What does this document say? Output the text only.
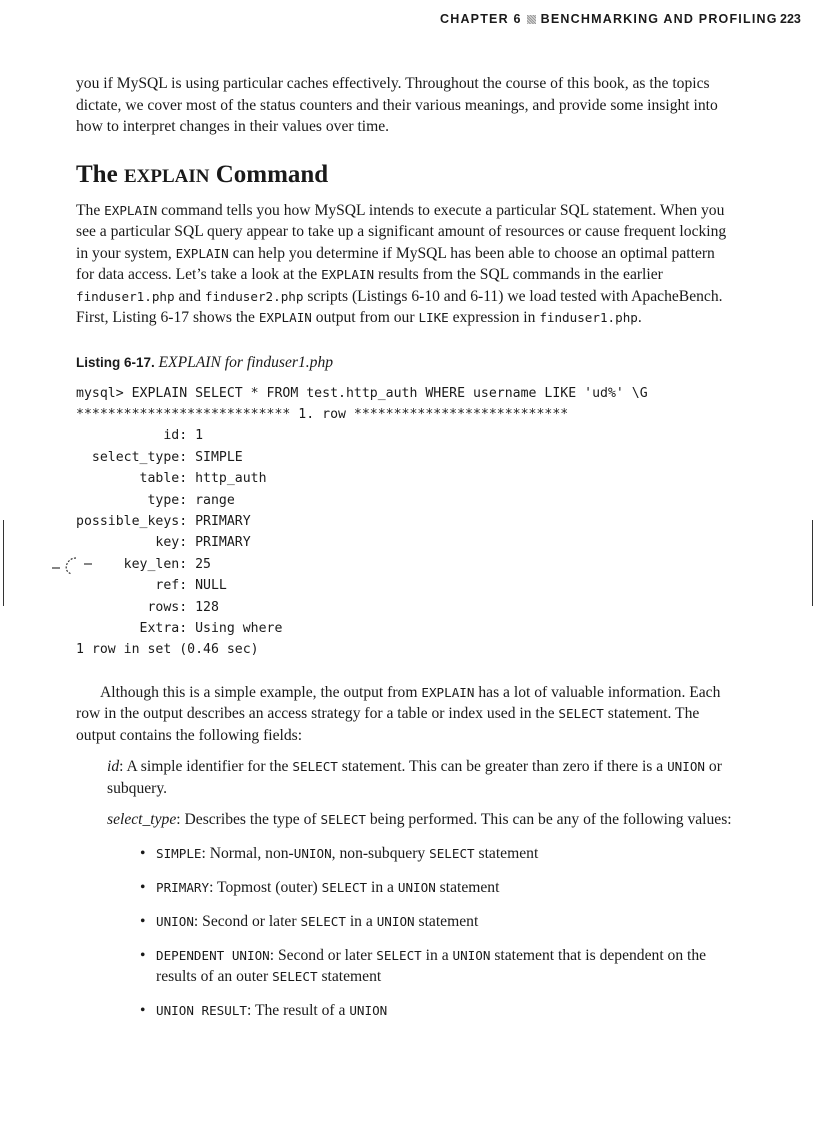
CHAPTER 6 BENCHMARKING AND PROFILING 223

you if MySQL is using particular caches effectively. Throughout the course of this book, as the topics dictate, we cover most of the status counters and their various meanings, and provide some insight into how to interpret changes in their values over time.

The EXPLAIN Command

The EXPLAIN command tells you how MySQL intends to execute a particular SQL statement. When you see a particular SQL query appear to take up a significant amount of resources or cause frequent locking in your system, EXPLAIN can help you determine if MySQL has been able to choose an optimal pattern for data access. Let’s take a look at the EXPLAIN results from the SQL commands in the earlier finduser1.php and finduser2.php scripts (Listings 6-10 and 6-11) we load tested with ApacheBench. First, Listing 6-17 shows the EXPLAIN output from our LIKE expression in finduser1.php.

Listing 6-17. EXPLAIN for finduser1.php
mysql> EXPLAIN SELECT * FROM test.http_auth WHERE username LIKE 'ud%' \G
*************************** 1. row ***************************
id: 1
select_type: SIMPLE
table: http_auth
type: range
possible_keys: PRIMARY
key: PRIMARY
key_len: 25
ref: NULL
rows: 128
Extra: Using where
1 row in set (0.46 sec)

Although this is a simple example, the output from EXPLAIN has a lot of valuable information. Each row in the output describes an access strategy for a table or index used in the SELECT statement. The output contains the following fields:

id: A simple identifier for the SELECT statement. This can be greater than zero if there is a UNION or subquery.

select_type: Describes the type of SELECT being performed. This can be any of the following values:

• SIMPLE: Normal, non-UNION, non-subquery SELECT statement
• PRIMARY: Topmost (outer) SELECT in a UNION statement
• UNION: Second or later SELECT in a UNION statement
• DEPENDENT UNION: Second or later SELECT in a UNION statement that is dependent on the results of an outer SELECT statement
• UNION RESULT: The result of a UNION
